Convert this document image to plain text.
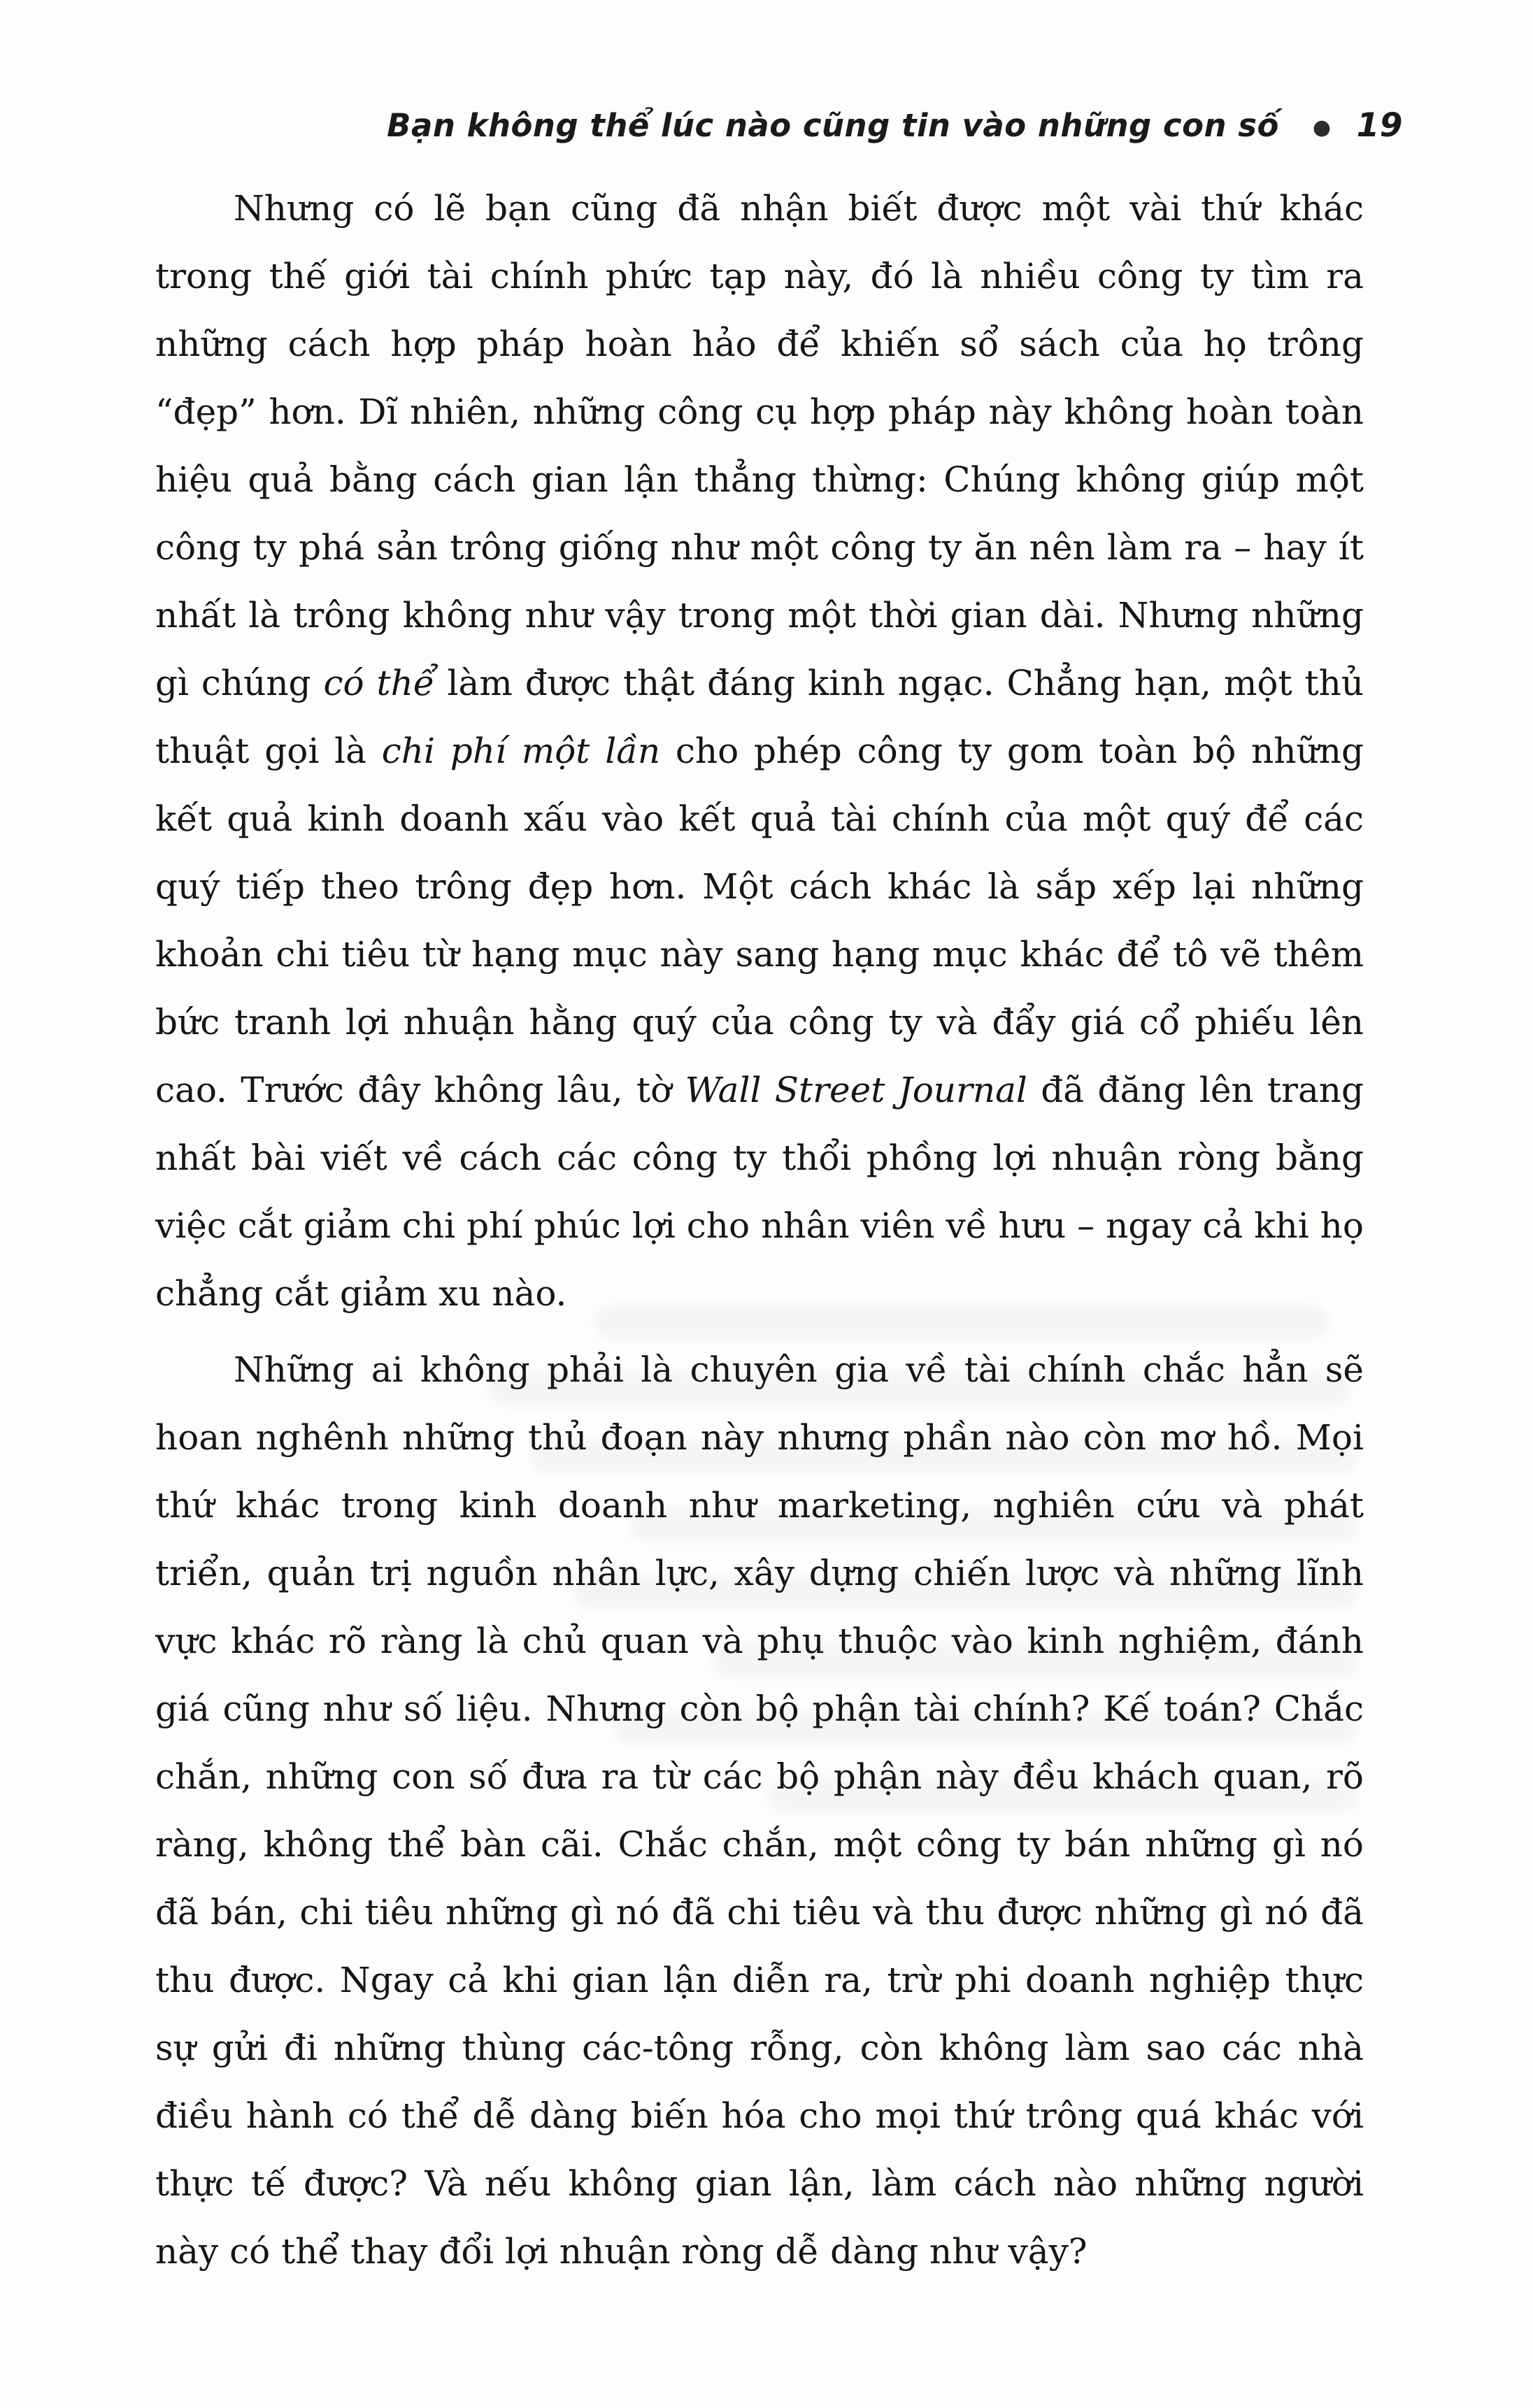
Bạn không thể lúc nào cũng tin vào những con số ● 19

Nhưng có lẽ bạn cũng đã nhận biết được một vài thứ khác trong thế giới tài chính phức tạp này, đó là nhiều công ty tìm ra những cách hợp pháp hoàn hảo để khiến sổ sách của họ trông “đẹp” hơn. Dĩ nhiên, những công cụ hợp pháp này không hoàn toàn hiệu quả bằng cách gian lận thẳng thừng: Chúng không giúp một công ty phá sản trông giống như một công ty ăn nên làm ra – hay ít nhất là trông không như vậy trong một thời gian dài. Nhưng những gì chúng có thể làm được thật đáng kinh ngạc. Chẳng hạn, một thủ thuật gọi là chi phí một lần cho phép công ty gom toàn bộ những kết quả kinh doanh xấu vào kết quả tài chính của một quý để các quý tiếp theo trông đẹp hơn. Một cách khác là sắp xếp lại những khoản chi tiêu từ hạng mục này sang hạng mục khác để tô vẽ thêm bức tranh lợi nhuận hằng quý của công ty và đẩy giá cổ phiếu lên cao. Trước đây không lâu, tờ Wall Street Journal đã đăng lên trang nhất bài viết về cách các công ty thổi phồng lợi nhuận ròng bằng việc cắt giảm chi phí phúc lợi cho nhân viên về hưu – ngay cả khi họ chẳng cắt giảm xu nào.

Những ai không phải là chuyên gia về tài chính chắc hẳn sẽ hoan nghênh những thủ đoạn này nhưng phần nào còn mơ hồ. Mọi thứ khác trong kinh doanh như marketing, nghiên cứu và phát triển, quản trị nguồn nhân lực, xây dựng chiến lược và những lĩnh vực khác rõ ràng là chủ quan và phụ thuộc vào kinh nghiệm, đánh giá cũng như số liệu. Nhưng còn bộ phận tài chính? Kế toán? Chắc chắn, những con số đưa ra từ các bộ phận này đều khách quan, rõ ràng, không thể bàn cãi. Chắc chắn, một công ty bán những gì nó đã bán, chi tiêu những gì nó đã chi tiêu và thu được những gì nó đã thu được. Ngay cả khi gian lận diễn ra, trừ phi doanh nghiệp thực sự gửi đi những thùng các-tông rỗng, còn không làm sao các nhà điều hành có thể dễ dàng biến hóa cho mọi thứ trông quá khác với thực tế được? Và nếu không gian lận, làm cách nào những người này có thể thay đổi lợi nhuận ròng dễ dàng như vậy?
